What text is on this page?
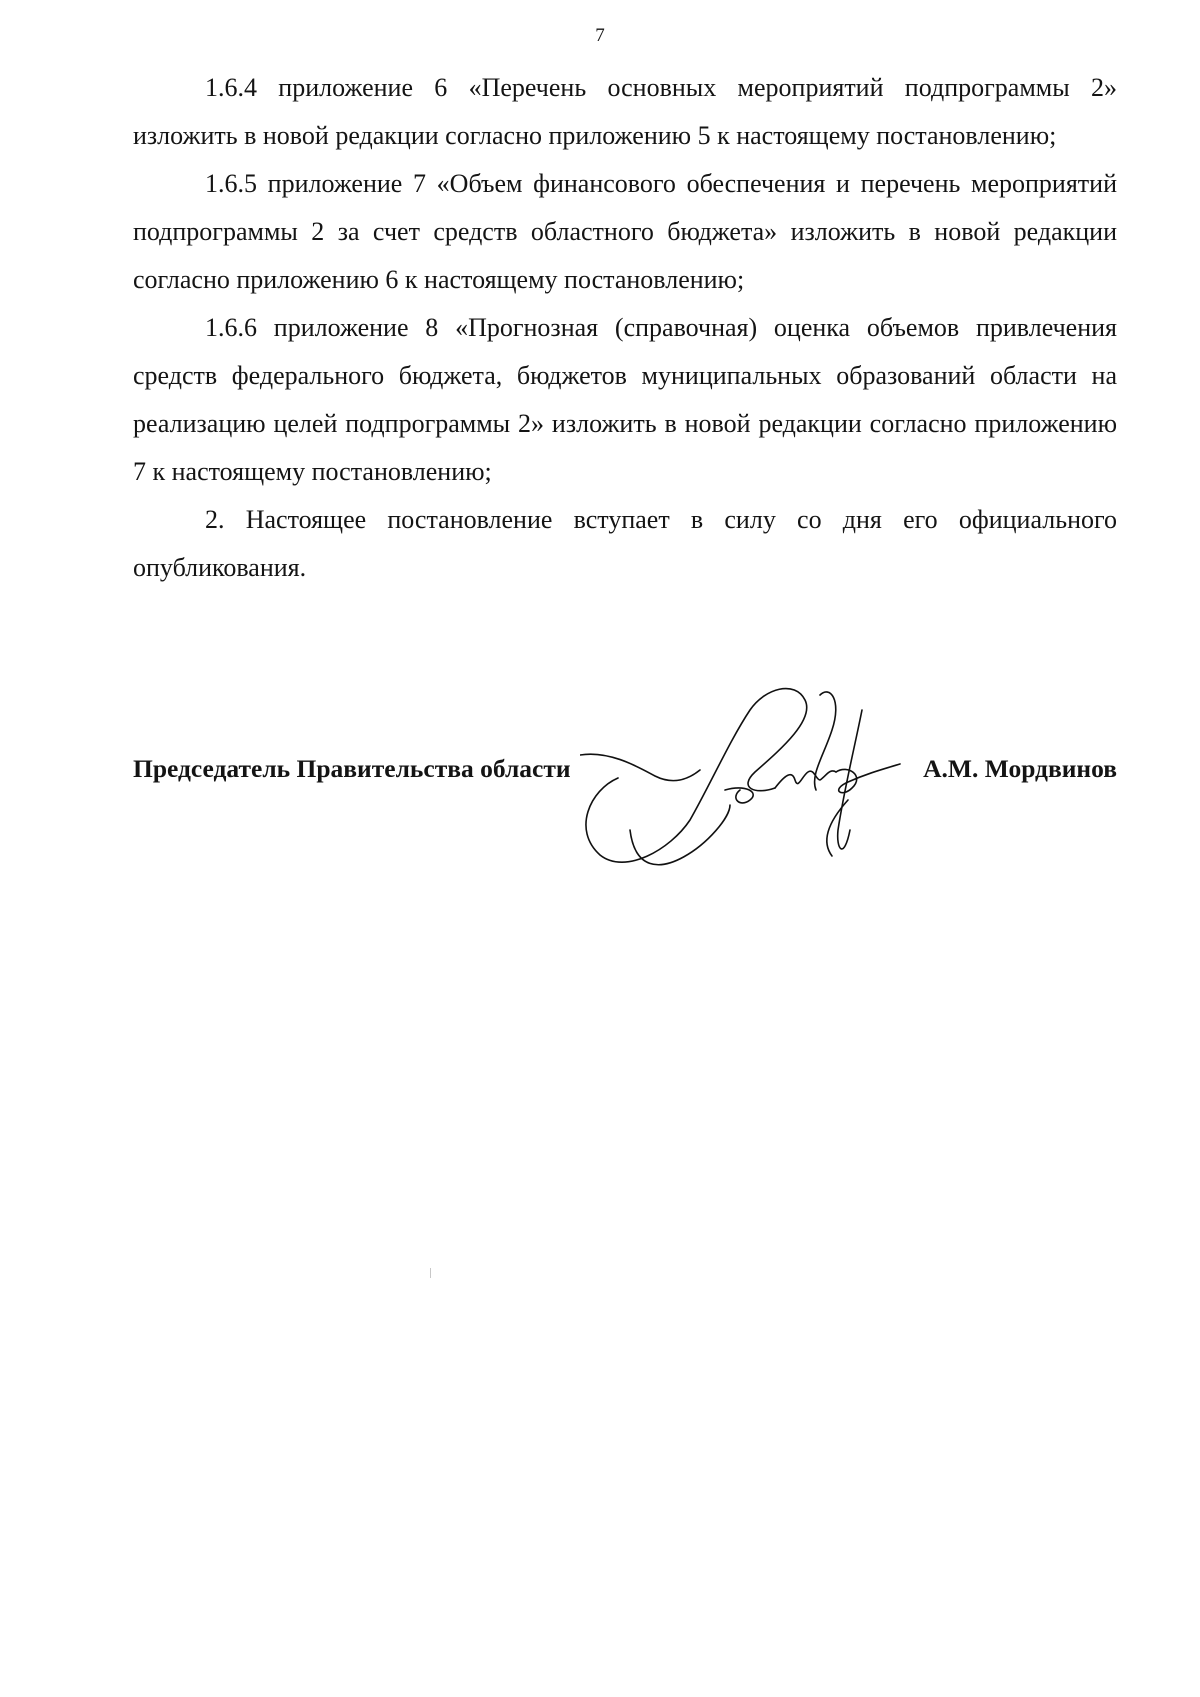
7

1.6.4 приложение 6 «Перечень основных мероприятий подпрограммы 2» изложить в новой редакции согласно приложению 5 к настоящему постановлению;

1.6.5 приложение 7 «Объем финансового обеспечения и перечень мероприятий подпрограммы 2 за счет средств областного бюджета» изложить в новой редакции согласно приложению 6 к настоящему постановлению;

1.6.6 приложение 8 «Прогнозная (справочная) оценка объемов привлечения средств федерального бюджета, бюджетов муниципальных образований области на реализацию целей подпрограммы 2» изложить в новой редакции согласно приложению 7 к настоящему постановлению;

2. Настоящее постановление вступает в силу со дня его официального опубликования.

Председатель Правительства области	А.М. Мордвинов
